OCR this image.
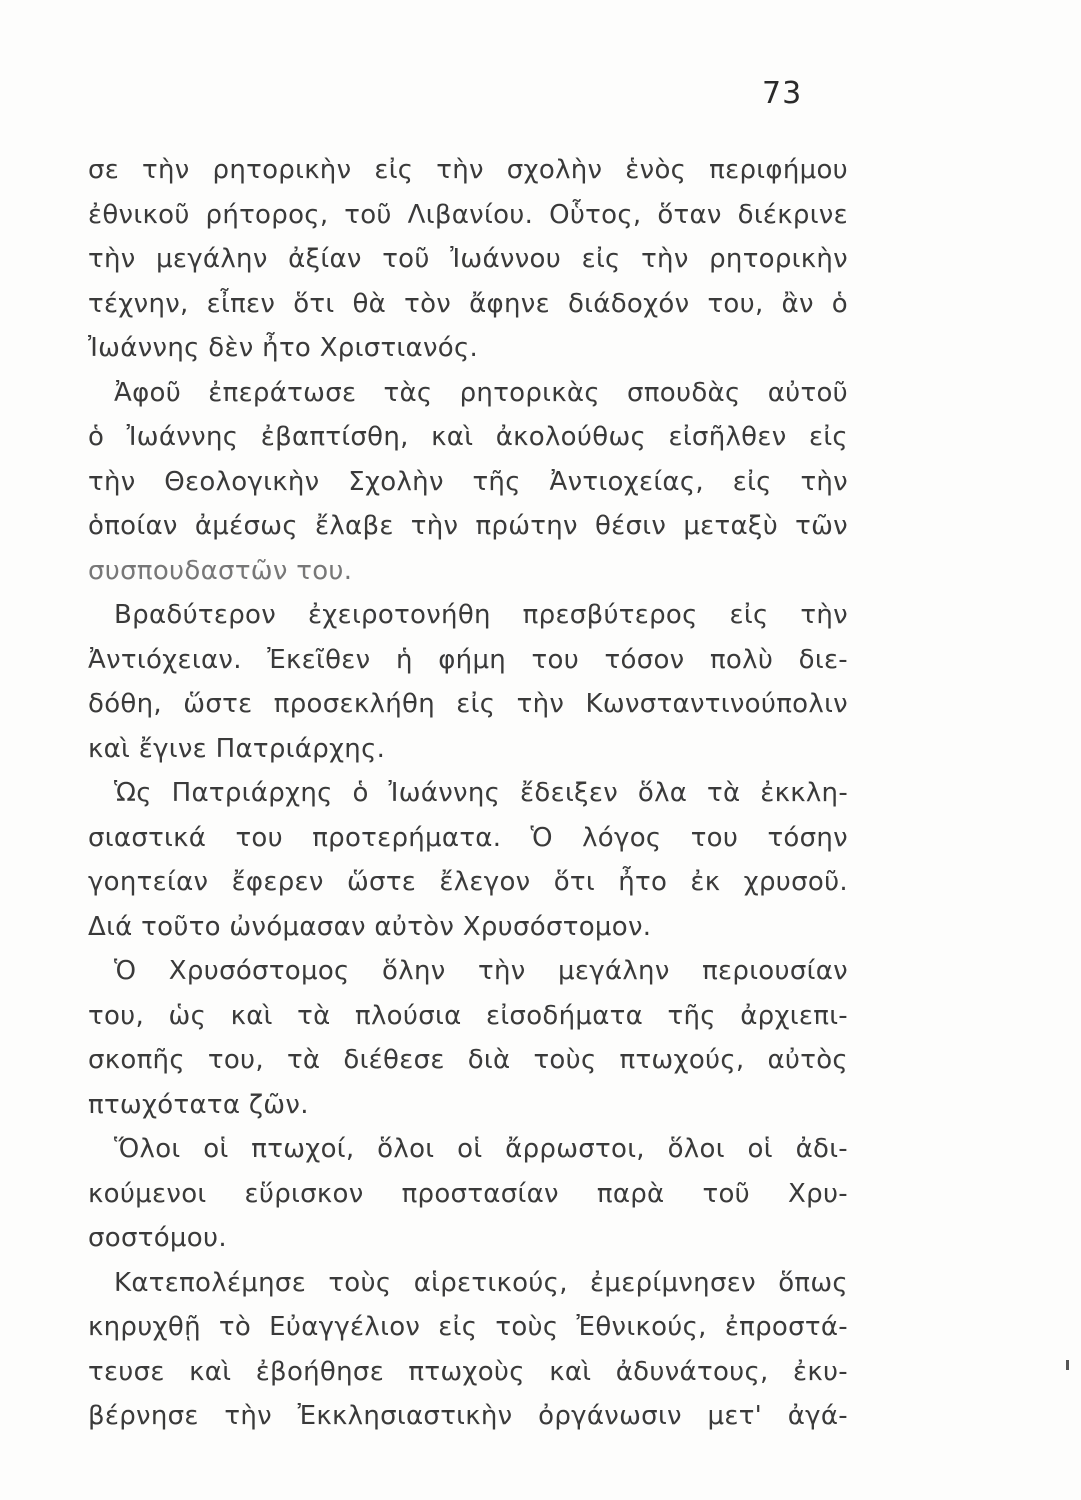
73
σε τὴν ρητορικὴν εἰς τὴν σχολὴν ἑνὸς περιφήμου
ἐθνικοῦ ρήτορος, τοῦ Λιβανίου. Οὗτος, ὅταν διέκρινε
τὴν μεγάλην ἀξίαν τοῦ Ἰωάννου εἰς τὴν ρητορικὴν
τέχνην, εἶπεν ὅτι θὰ τὸν ἄφηνε διάδοχόν του, ἂν ὁ
Ἰωάννης δὲν ἦτο Χριστιανός.
Ἀφοῦ ἐπεράτωσε τὰς ρητορικὰς σπουδὰς αὐτοῦ
ὁ Ἰωάννης ἐβαπτίσθη, καὶ ἀκολούθως εἰσῆλθεν εἰς
τὴν Θεολογικὴν Σχολὴν τῆς Ἀντιοχείας, εἰς τὴν
ὁποίαν ἀμέσως ἔλαβε τὴν πρώτην θέσιν μεταξὺ τῶν
συσπουδαστῶν του.
Βραδύτερον ἐχειροτονήθη πρεσβύτερος εἰς τὴν
Ἀντιόχειαν. Ἐκεῖθεν ἡ φήμη του τόσον πολὺ διε-
δόθη, ὥστε προσεκλήθη εἰς τὴν Κωνσταντινούπολιν
καὶ ἔγινε Πατριάρχης.
Ὡς Πατριάρχης ὁ Ἰωάννης ἔδειξεν ὅλα τὰ ἐκκλη-
σιαστικά του προτερήματα. Ὁ λόγος του τόσην
γοητείαν ἔφερεν ὥστε ἔλεγον ὅτι ἦτο ἐκ χρυσοῦ.
Διά τοῦτο ὠνόμασαν αὐτὸν Χρυσόστομον.
Ὁ Χρυσόστομος ὅλην τὴν μεγάλην περιουσίαν
του, ὡς καὶ τὰ πλούσια εἰσοδήματα τῆς ἀρχιεπι-
σκοπῆς του, τὰ διέθεσε διὰ τοὺς πτωχούς, αὐτὸς
πτωχότατα ζῶν.
Ὅλοι οἱ πτωχοί, ὅλοι οἱ ἄρρωστοι, ὅλοι οἱ ἀδι-
κούμενοι εὕρισκον προστασίαν παρὰ τοῦ Χρυ-
σοστόμου.
Κατεπολέμησε τοὺς αἱρετικούς, ἐμερίμνησεν ὅπως
κηρυχθῇ τὸ Εὐαγγέλιον εἰς τοὺς Ἐθνικούς, ἐπροστά-
τευσε καὶ ἐβοήθησε πτωχοὺς καὶ ἀδυνάτους, ἐκυ-
βέρνησε τὴν Ἐκκλησιαστικὴν ὀργάνωσιν μετ' ἀγά-
